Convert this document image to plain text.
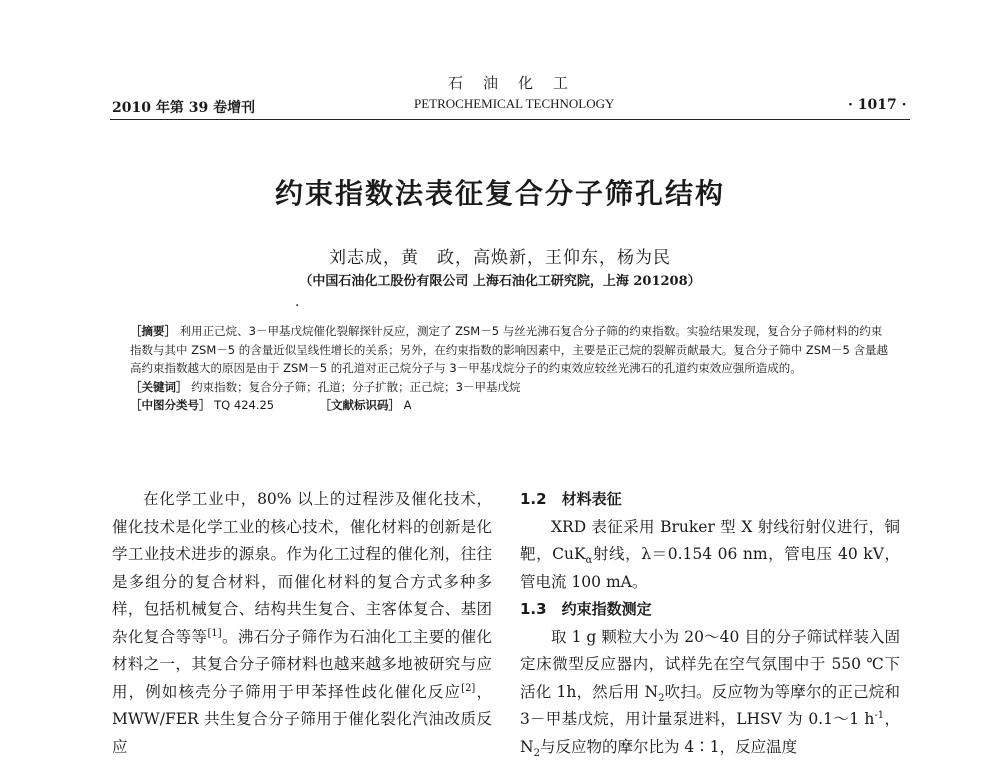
石油化工
2010 年第 39 卷增刊	PETROCHEMICAL TECHNOLOGY	· 1017 ·
约束指数法表征复合分子筛孔结构
刘志成，黄　政，高焕新，王仰东，杨为民
（中国石油化工股份有限公司 上海石油化工研究院，上海 201208）
·

［摘要］ 利用正己烷、3－甲基戊烷催化裂解探针反应，测定了 ZSM－5 与丝光沸石复合分子筛的约束指数。实验结果发现，复合分子筛材料的约束指数与其中 ZSM－5 的含量近似呈线性增长的关系；另外，在约束指数的影响因素中，主要是正己烷的裂解贡献最大。复合分子筛中 ZSM－5 含量越高约束指数越大的原因是由于 ZSM－5 的孔道对正己烷分子与 3－甲基戊烷分子的约束效应较丝光沸石的孔道约束效应强所造成的。

［关键词］ 约束指数；复合分子筛；孔道；分子扩散；正己烷；3－甲基戊烷

［中图分类号］ TQ 424.25	［文献标识码］ A

在化学工业中，80% 以上的过程涉及催化技术，催化技术是化学工业的核心技术，催化材料的创新是化学工业技术进步的源泉。作为化工过程的催化剂，往往是多组分的复合材料，而催化材料的复合方式多种多样，包括机械复合、结构共生复合、主客体复合、基团杂化复合等等[1]。沸石分子筛作为石油化工主要的催化材料之一，其复合分子筛材料也越来越多地被研究与应用，例如核壳分子筛用于甲苯择性歧化催化反应[2]，MWW/FER 共生复合分子筛用于催化裂化汽油改质反应

1.2　材料表征

XRD 表征采用 Bruker 型 X 射线衍射仪进行，铜靶，CuK$_\alpha$射线，λ＝0.154 06 nm，管电压 40 kV，管电流 100 mA。

1.3　约束指数测定

取 1 g 颗粒大小为 20～40 目的分子筛试样装入固定床微型反应器内，试样先在空气氛围中于 550 ℃下活化 1h，然后用 $N_2$吹扫。反应物为等摩尔的正己烷和 3－甲基戊烷，用计量泵进料，LHSV 为 0.1～1 $h^{-1}$，$N_2$与反应物的摩尔比为 4∶1，反应温度
